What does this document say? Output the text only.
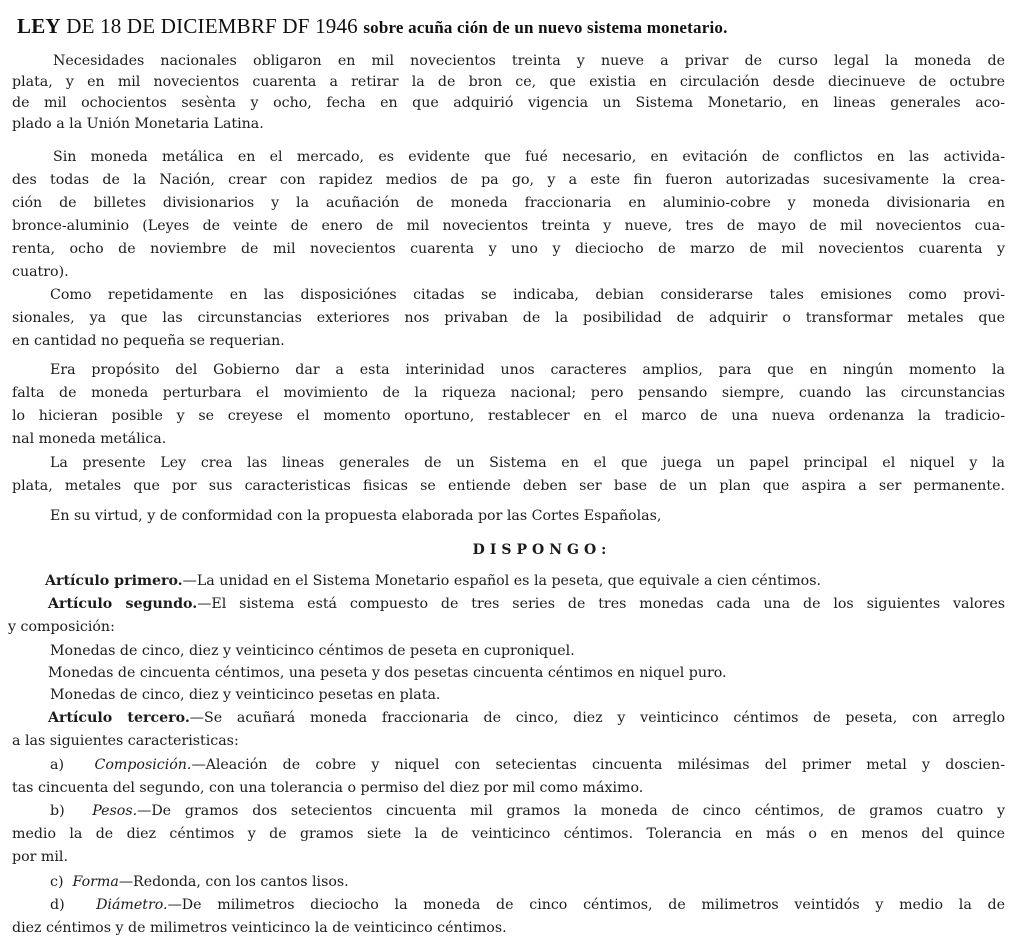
LEY DE 18 DE DICIEMBRF DF 1946 sobre acuña ción de un nuevo sistema monetario.
Necesidades nacionales obligaron en mil novecientos treinta y nueve a privar de curso legal la moneda de
plata, y en mil novecientos cuarenta a retirar la de bron ce, que existia en circulación desde diecinueve de octubre
de mil ochocientos sesènta y ocho, fecha en que adquirió vigencia un Sistema Monetario, en lineas generales aco-
plado a la Unión Monetaria Latina.
Sin moneda metálica en el mercado, es evidente que fué necesario, en evitación de conflictos en las activida-
des todas de la Nación, crear con rapidez medios de pa go, y a este fin fueron autorizadas sucesivamente la crea-
ción de billetes divisionarios y la acuñación de moneda fraccionaria en aluminio-cobre y moneda divisionaria en
bronce-aluminio (Leyes de veinte de enero de mil novecientos treinta y nueve, tres de mayo de mil novecientos cua-
renta, ocho de noviembre de mil novecientos cuarenta y uno y dieciocho de marzo de mil novecientos cuarenta y
cuatro).
Como repetidamente en las disposiciónes citadas se indicaba, debian considerarse tales emisiones como provi-
sionales, ya que las circunstancias exteriores nos privaban de la posibilidad de adquirir o transformar metales que
en cantidad no pequeña se requerian.
Era propósito del Gobierno dar a esta interinidad unos caracteres amplios, para que en ningún momento la
falta de moneda perturbara el movimiento de la riqueza nacional; pero pensando siempre, cuando las circunstancias
lo hicieran posible y se creyese el momento oportuno, restablecer en el marco de una nueva ordenanza la tradicio-
nal moneda metálica.
La presente Ley crea las lineas generales de un Sistema en el que juega un papel principal el niquel y la
plata, metales que por sus caracteristicas fisicas se entiende deben ser base de un plan que aspira a ser permanente.
En su virtud, y de conformidad con la propuesta elaborada por las Cortes Españolas,
DISPONGO:
Artículo primero.—La unidad en el Sistema Monetario español es la peseta, que equivale a cien céntimos.
Artículo segundo.—El sistema está compuesto de tres series de tres monedas cada una de los siguientes valores
y composición:
Monedas de cinco, diez y veinticinco céntimos de peseta en cuproniquel.
Monedas de cincuenta céntimos, una peseta y dos pesetas cincuenta céntimos en niquel puro.
Monedas de cinco, diez y veinticinco pesetas en plata.
Artículo tercero.—Se acuñará moneda fraccionaria de cinco, diez y veinticinco céntimos de peseta, con arreglo
a las siguientes caracteristicas:
a) Composición.—Aleación de cobre y niquel con setecientas cincuenta milésimas del primer metal y doscien-
tas cincuenta del segundo, con una tolerancia o permiso del diez por mil como máximo.
b) Pesos.—De gramos dos setecientos cincuenta mil gramos la moneda de cinco céntimos, de gramos cuatro y
medio la de diez céntimos y de gramos siete la de veinticinco céntimos. Tolerancia en más o en menos del quince
por mil.
c) Forma—Redonda, con los cantos lisos.
d) Diámetro.—De milimetros dieciocho la moneda de cinco céntimos, de milimetros veintidós y medio la de
diez céntimos y de milimetros veinticinco la de veinticinco céntimos.
